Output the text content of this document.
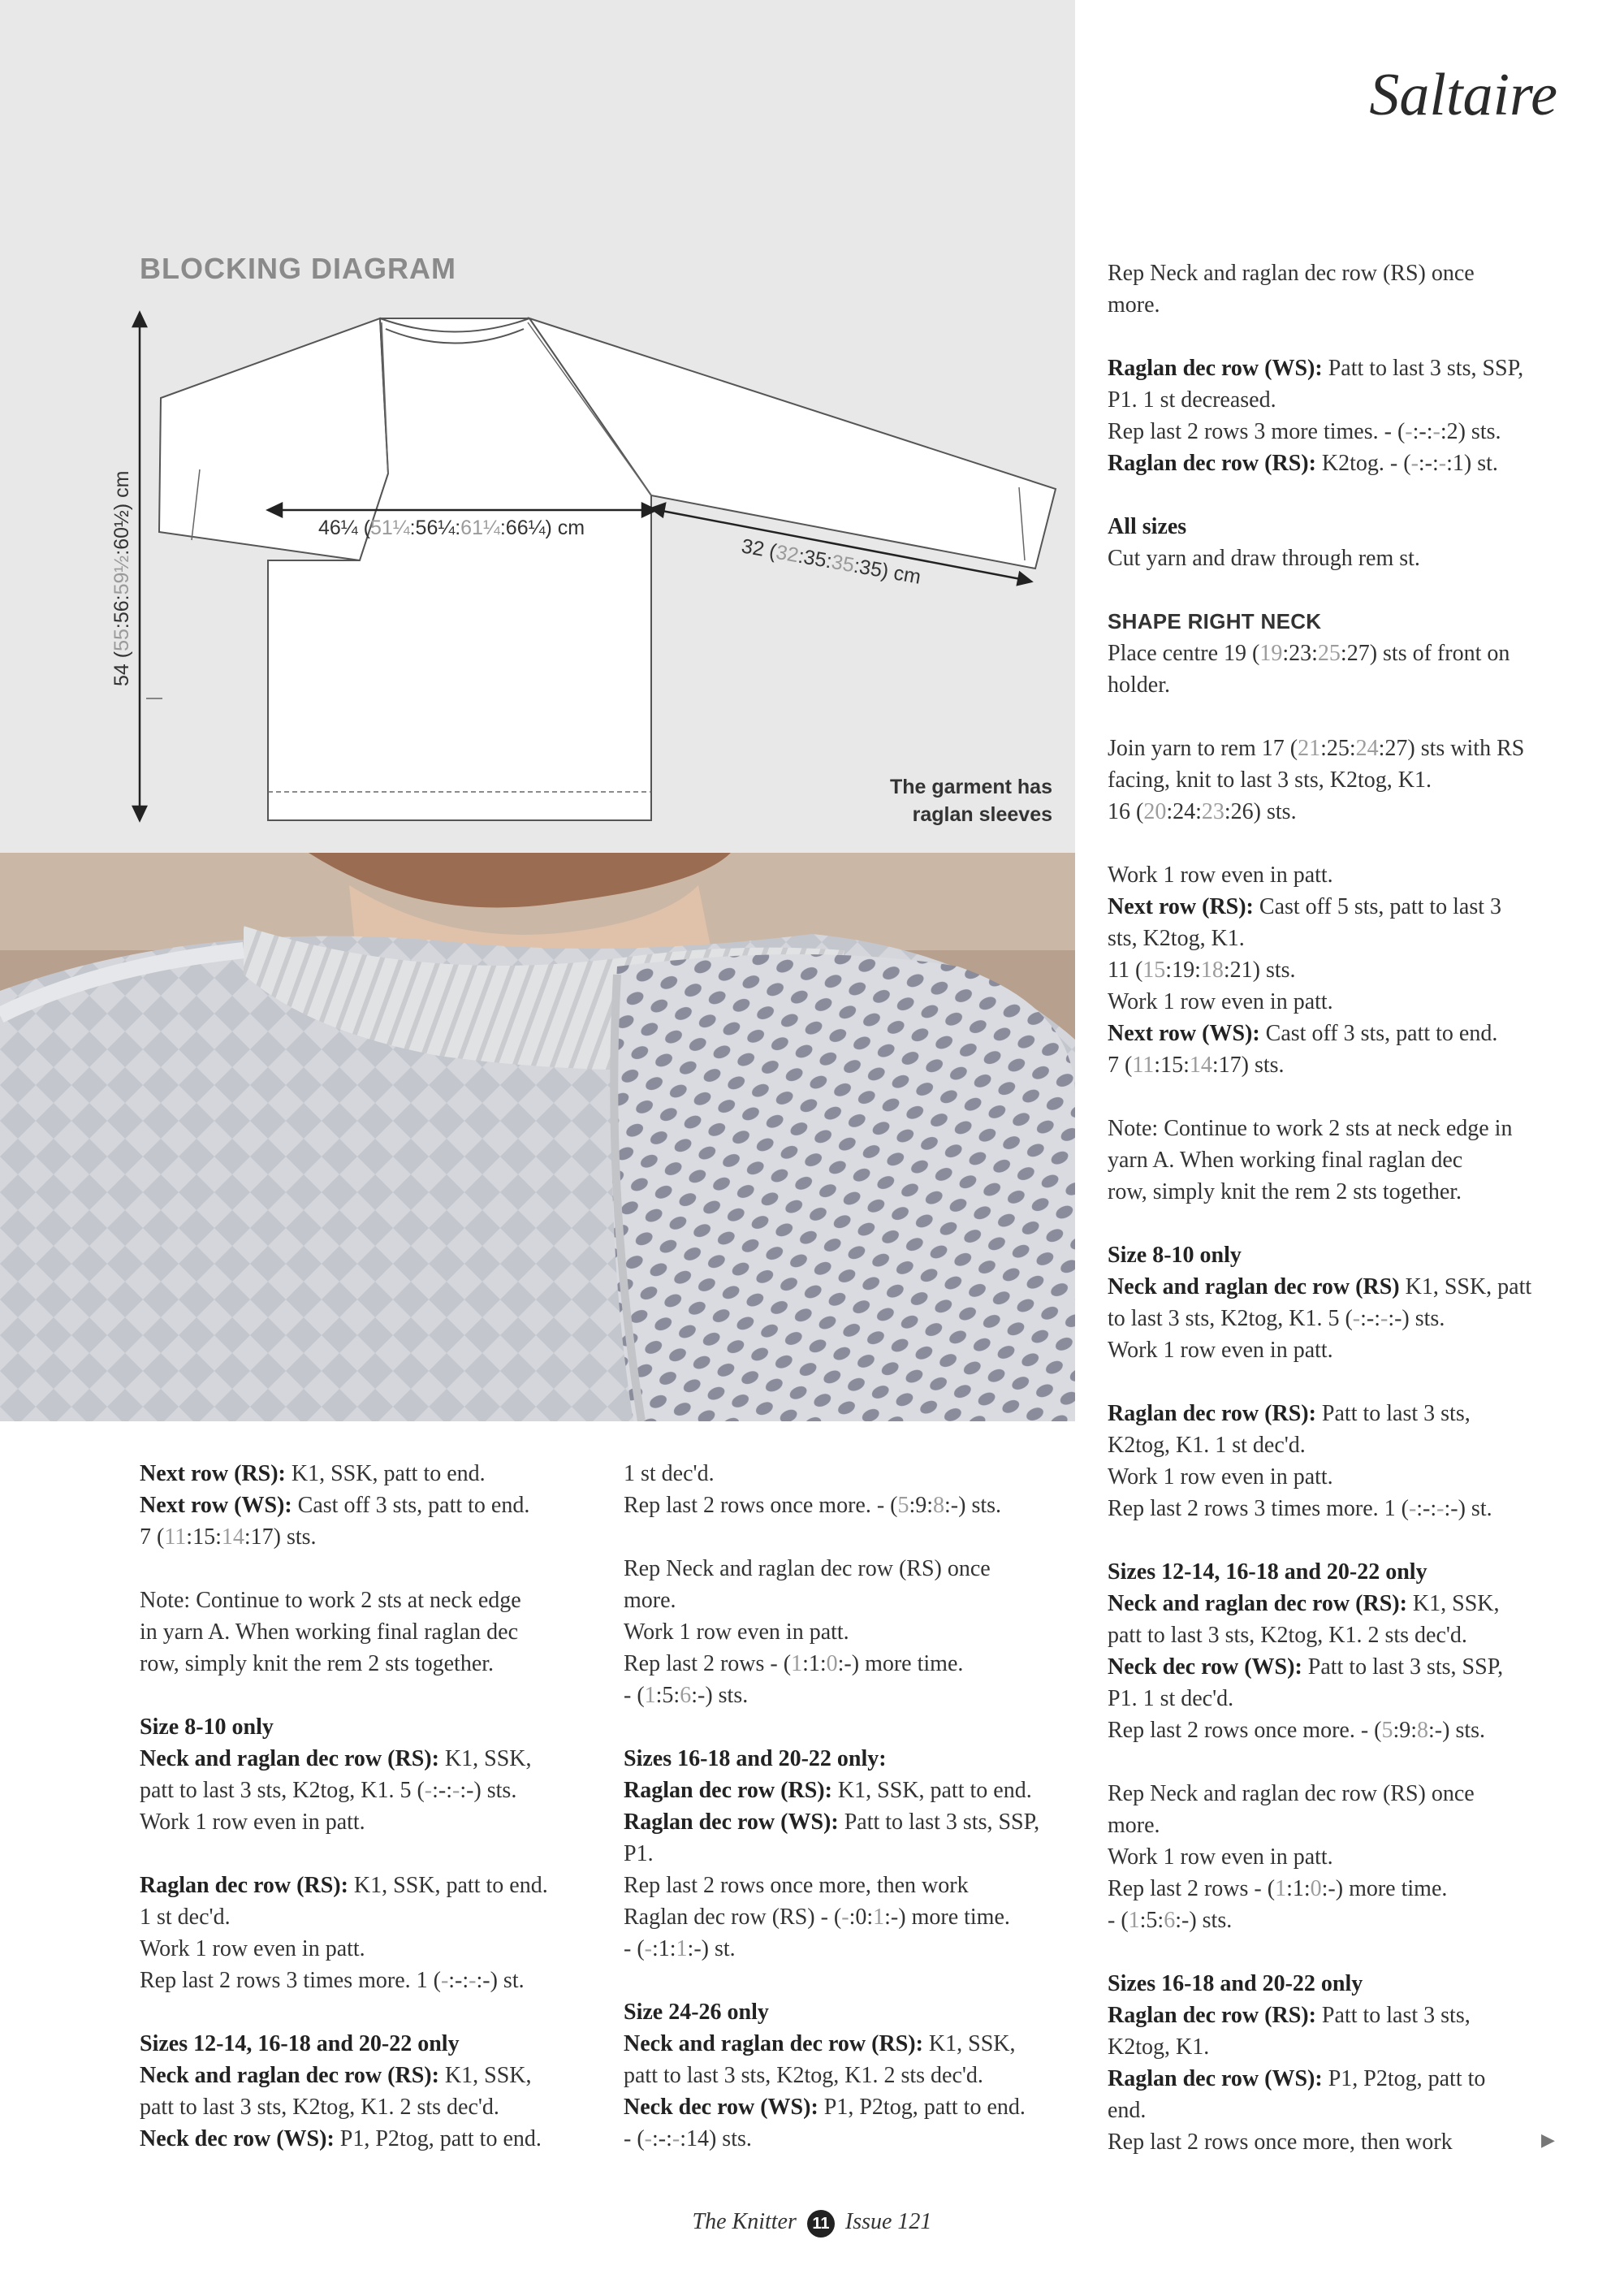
46¼ (51¼:56¼:61¼:66¼) cm
32 (32:35:35:35) cm
54 (55:56:59½:60½) cm
Saltaire
BLOCKING DIAGRAM
The garment has
raglan sleeves

Next row (RS): K1, SSK, patt to end.
Next row (WS): Cast off 3 sts, patt to end.
7 (11:15:14:17) sts.

Note: Continue to work 2 sts at neck edge
in yarn A. When working final raglan dec
row, simply knit the rem 2 sts together.

Size 8-10 only
Neck and raglan dec row (RS): K1, SSK,
patt to last 3 sts, K2tog, K1. 5 (-:-:-:-) sts.
Work 1 row even in patt.

Raglan dec row (RS): K1, SSK, patt to end.
1 st dec'd.
Work 1 row even in patt.
Rep last 2 rows 3 times more. 1 (-:-:-:-) st.

Sizes 12-14, 16-18 and 20-22 only
Neck and raglan dec row (RS): K1, SSK,
patt to last 3 sts, K2tog, K1. 2 sts dec'd.
Neck dec row (WS): P1, P2tog, patt to end.

1 st dec'd.
Rep last 2 rows once more. - (5:9:8:-) sts.

Rep Neck and raglan dec row (RS) once
more.
Work 1 row even in patt.
Rep last 2 rows - (1:1:0:-) more time.
- (1:5:6:-) sts.

Sizes 16-18 and 20-22 only:
Raglan dec row (RS): K1, SSK, patt to end.
Raglan dec row (WS): Patt to last 3 sts, SSP,
P1.
Rep last 2 rows once more, then work
Raglan dec row (RS) - (-:0:1:-) more time.
- (-:1:1:-) st.

Size 24-26 only
Neck and raglan dec row (RS): K1, SSK,
patt to last 3 sts, K2tog, K1. 2 sts dec'd.
Neck dec row (WS): P1, P2tog, patt to end.
- (-:-:-:14) sts.

Rep Neck and raglan dec row (RS) once
more.

Raglan dec row (WS): Patt to last 3 sts, SSP,
P1. 1 st decreased.
Rep last 2 rows 3 more times. - (-:-:-:2) sts.
Raglan dec row (RS): K2tog. - (-:-:-:1) st.

All sizes
Cut yarn and draw through rem st.

SHAPE RIGHT NECK
Place centre 19 (19:23:25:27) sts of front on
holder.

Join yarn to rem 17 (21:25:24:27) sts with RS
facing, knit to last 3 sts, K2tog, K1.
16 (20:24:23:26) sts.

Work 1 row even in patt.
Next row (RS): Cast off 5 sts, patt to last 3
sts, K2tog, K1.
11 (15:19:18:21) sts.
Work 1 row even in patt.
Next row (WS): Cast off 3 sts, patt to end.
7 (11:15:14:17) sts.

Note: Continue to work 2 sts at neck edge in
yarn A. When working final raglan dec
row, simply knit the rem 2 sts together.

Size 8-10 only
Neck and raglan dec row (RS) K1, SSK, patt
to last 3 sts, K2tog, K1. 5 (-:-:-:-) sts.
Work 1 row even in patt.

Raglan dec row (RS): Patt to last 3 sts,
K2tog, K1. 1 st dec'd.
Work 1 row even in patt.
Rep last 2 rows 3 times more. 1 (-:-:-:-) st.

Sizes 12-14, 16-18 and 20-22 only
Neck and raglan dec row (RS): K1, SSK,
patt to last 3 sts, K2tog, K1. 2 sts dec'd.
Neck dec row (WS): Patt to last 3 sts, SSP,
P1. 1 st dec'd.
Rep last 2 rows once more. - (5:9:8:-) sts.

Rep Neck and raglan dec row (RS) once
more.
Work 1 row even in patt.
Rep last 2 rows - (1:1:0:-) more time.
- (1:5:6:-) sts.

Sizes 16-18 and 20-22 only
Raglan dec row (RS): Patt to last 3 sts,
K2tog, K1.
Raglan dec row (WS): P1, P2tog, patt to
end.
Rep last 2 rows once more, then work	▶
The Knitter 11 Issue 121
